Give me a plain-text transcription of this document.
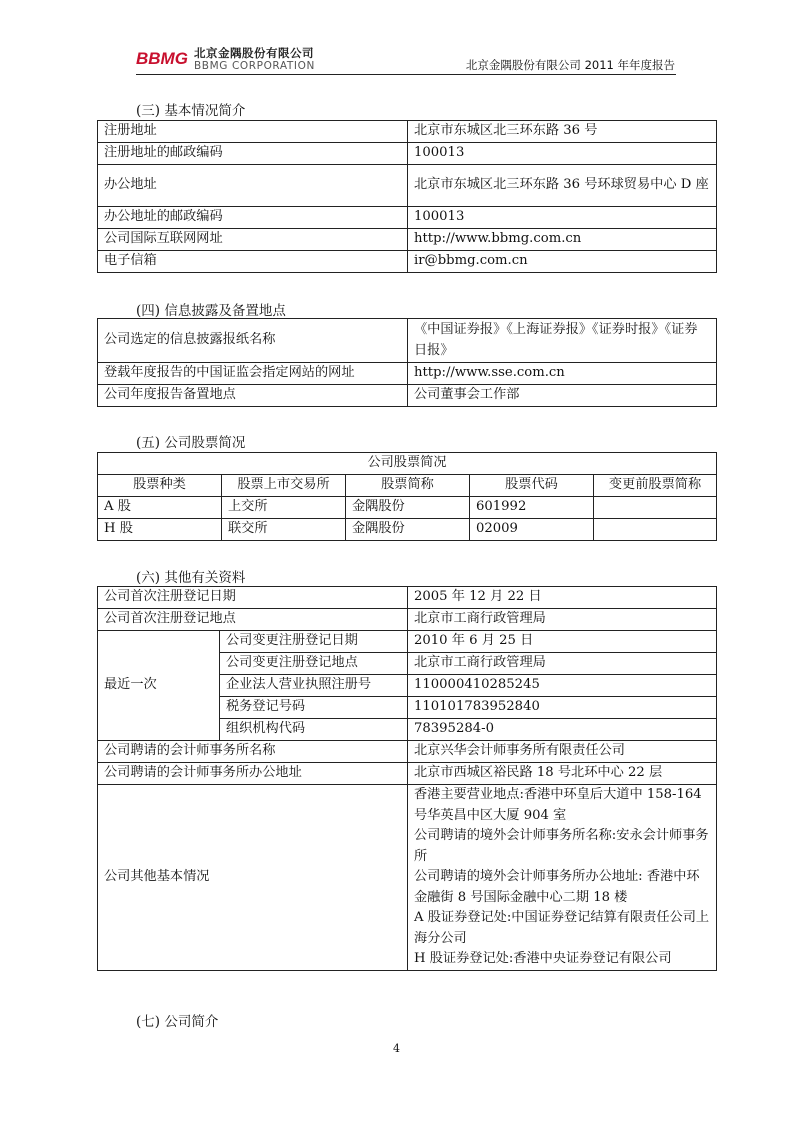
BBMG 北京金隅股份有限公司
BBMG CORPORATION	北京金隅股份有限公司 2011 年年度报告
(三) 基本情况简介
注册地址	北京市东城区北三环东路 36 号
注册地址的邮政编码	100013
办公地址	北京市东城区北三环东路 36 号环球贸易中心 D 座
办公地址的邮政编码	100013
公司国际互联网网址	http://www.bbmg.com.cn
电子信箱	ir@bbmg.com.cn
(四) 信息披露及备置地点
公司选定的信息披露报纸名称	《中国证券报》《上海证券报》《证券时报》《证券日报》
登载年度报告的中国证监会指定网站的网址	http://www.sse.com.cn
公司年度报告备置地点	公司董事会工作部
(五) 公司股票简况
公司股票简况				
股票种类	股票上市交易所	股票简称	股票代码	变更前股票简称
A 股	上交所	金隅股份	601992	
H 股	联交所	金隅股份	02009	
(六) 其他有关资料
公司首次注册登记日期		2005 年 12 月 22 日
公司首次注册登记地点		北京市工商行政管理局
最近一次	公司变更注册登记日期	2010 年 6 月 25 日
	公司变更注册登记地点	北京市工商行政管理局
	企业法人营业执照注册号	110000410285245
	税务登记号码	110101783952840
	组织机构代码	78395284-0
公司聘请的会计师事务所名称		北京兴华会计师事务所有限责任公司
公司聘请的会计师事务所办公地址		北京市西城区裕民路 18 号北环中心 22 层
公司其他基本情况		香港主要营业地点:香港中环皇后大道中 158-164 号华英昌中区大厦 904 室
公司聘请的境外会计师事务所名称:安永会计师事务所
公司聘请的境外会计师事务所办公地址: 香港中环金融街 8 号国际金融中心二期 18 楼
A 股证券登记处:中国证券登记结算有限责任公司上海分公司
H 股证券登记处:香港中央证券登记有限公司
(七) 公司简介
4
